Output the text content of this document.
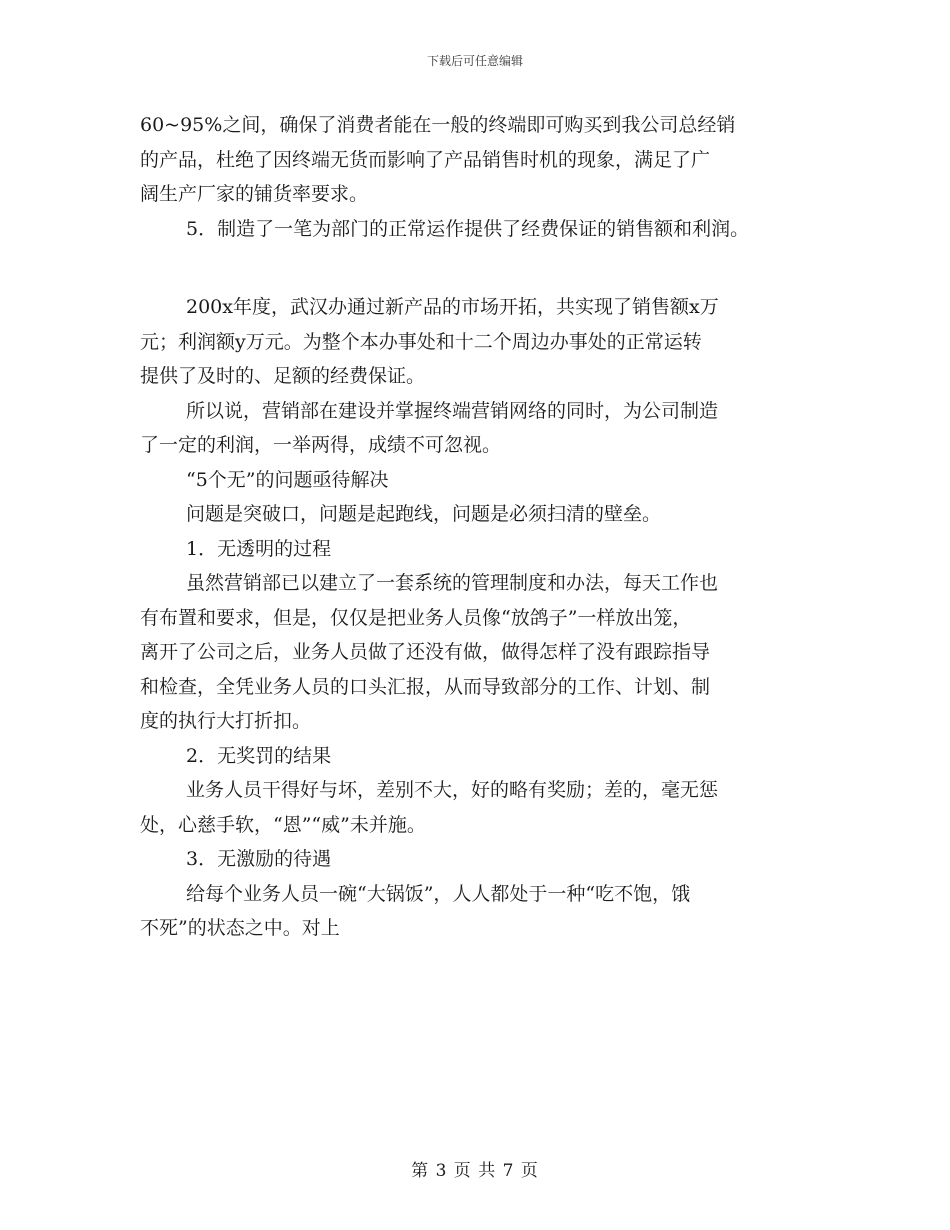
下载后可任意编辑
60~95%之间，确保了消费者能在一般的终端即可购买到我公司总经销
的产品，杜绝了因终端无货而影响了产品销售时机的现象，满足了广
阔生产厂家的铺货率要求。
5．制造了一笔为部门的正常运作提供了经费保证的销售额和利润。
200x年度，武汉办通过新产品的市场开拓，共实现了销售额x万
元；利润额y万元。为整个本办事处和十二个周边办事处的正常运转
提供了及时的、足额的经费保证。
所以说，营销部在建设并掌握终端营销网络的同时，为公司制造
了一定的利润，一举两得，成绩不可忽视。
“5个无”的问题亟待解决
问题是突破口，问题是起跑线，问题是必须扫清的壁垒。
1．无透明的过程
虽然营销部已以建立了一套系统的管理制度和办法，每天工作也
有布置和要求，但是，仅仅是把业务人员像“放鸽子”一样放出笼，
离开了公司之后，业务人员做了还没有做，做得怎样了没有跟踪指导
和检查，全凭业务人员的口头汇报，从而导致部分的工作、计划、制
度的执行大打折扣。
2．无奖罚的结果
业务人员干得好与坏，差别不大，好的略有奖励；差的，毫无惩
处，心慈手软，“恩”“威”未并施。
3．无激励的待遇
给每个业务人员一碗“大锅饭”，人人都处于一种“吃不饱，饿
不死”的状态之中。对上
第 3 页 共 7 页
